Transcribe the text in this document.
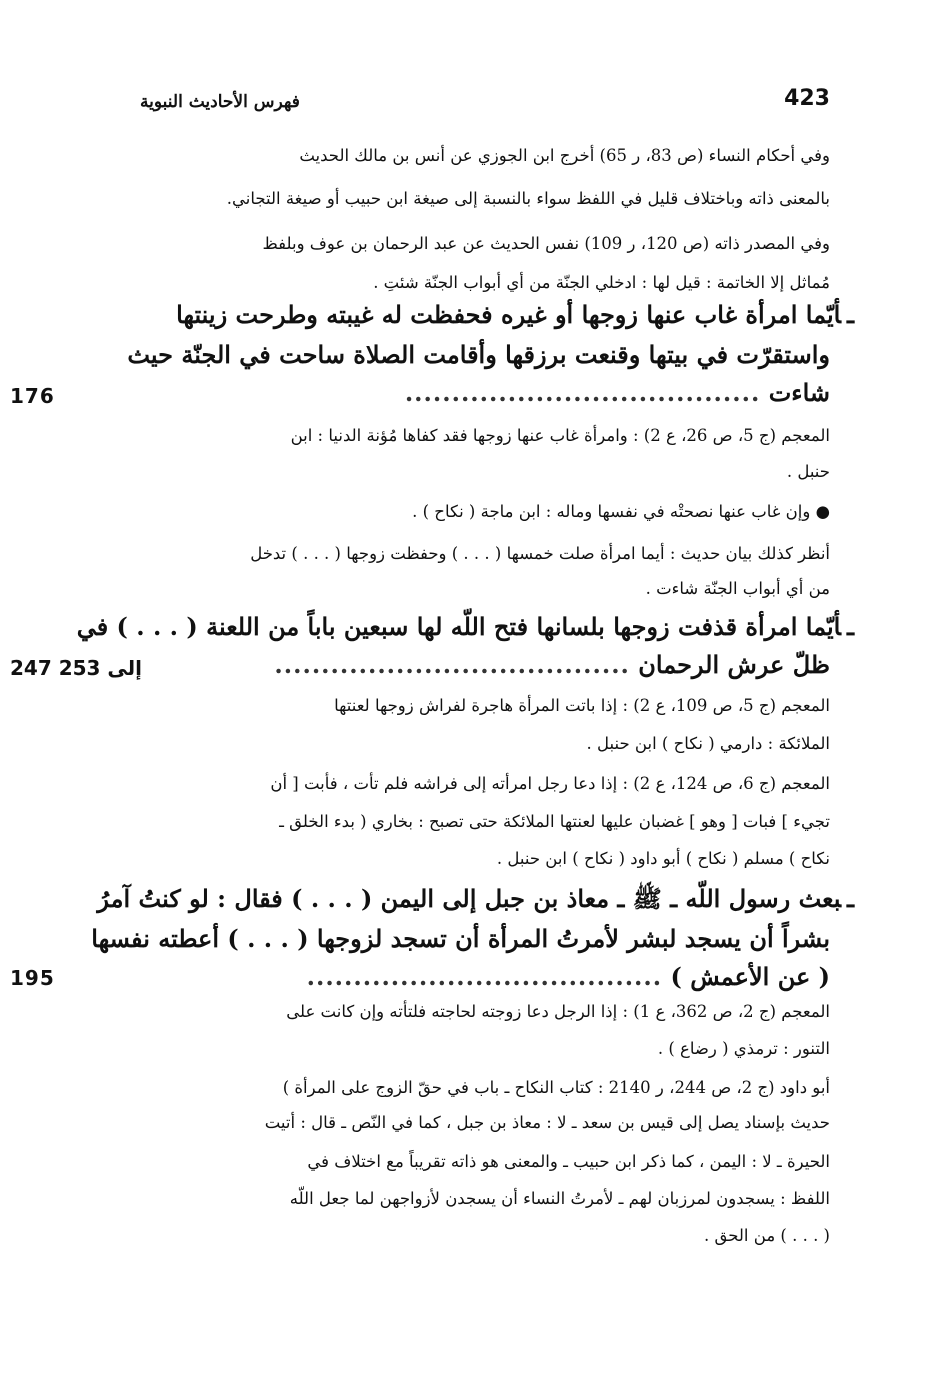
423
فهرس الأحاديث النبوية
وفي أحكام النساء (ص 83، ر 65) أخرج ابن الجوزي عن أنس بن مالك الحديث
بالمعنى ذاته وباختلاف قليل في اللفظ سواء بالنسبة إلى صيغة ابن حبيب أو صيغة التجاني.
وفي المصدر ذاته (ص 120، ر 109) نفس الحديث عن عبد الرحمان بن عوف وبلفظ
مُماثل إلا الخاتمة : قيل لها : ادخلي الجنّة من أي أبواب الجنّة شئتِ .
ـأيّما امرأة غاب عنها زوجها أو غيره فحفظت له غيبته وطرحت زينتها
واستقرّت في بيتها وقنعت برزقها وأقامت الصلاة ساحت في الجنّة حيث
شاءت ......................................
176
المعجم (ج 5، ص 26، ع 2) : وامرأة غاب عنها زوجها فقد كفاها مُؤنة الدنيا : ابن
حنبل .
● وإن غاب عنها نصحتْه في نفسها وماله : ابن ماجة ( نكاح ) .
أنظر كذلك بيان حديث : أيما امرأة صلت خمسها ( . . . ) وحفظت زوجها ( . . . ) تدخل
من أي أبواب الجنّة شاءت .
ـأيّما امرأة قذفت زوجها بلسانها فتح اللّه لها سبعين باباً من اللعنة ( . . . ) في
ظلّ عرش الرحمان ......................................
247 إلى 253
المعجم (ج 5، ص 109، ع 2) : إذا باتت المرأة هاجرة لفراش زوجها لعنتها
الملائكة : دارمي ( نكاح ) ابن حنبل .
المعجم (ج 6، ص 124، ع 2) : إذا دعا رجل امرأته إلى فراشه فلم تأت ، فأبت [ أن
تجيء ] فبات [ وهو ] غضبان عليها لعنتها الملائكة حتى تصبح : بخاري ( بدء الخلق ـ
نكاح ) مسلم ( نكاح ) أبو داود ( نكاح ) ابن حنبل .
ـبعث رسول اللّه ـ ﷺ ـ معاذ بن جبل إلى اليمن ( . . . ) فقال : لو كنتُ آمرُ
بشراً أن يسجد لبشر لأمرتُ المرأة أن تسجد لزوجها ( . . . ) أعطته نفسها
( عن الأعمش ) ......................................
195
المعجم (ج 2، ص 362، ع 1) : إذا الرجل دعا زوجته لحاجته فلتأته وإن كانت على
التنور : ترمذي ( رضاع ) .
أبو داود (ج 2، ص 244، ر 2140 : كتاب النكاح ـ باب في حقّ الزوج على المرأة )
حديث بإسناد يصل إلى قيس بن سعد ـ لا : معاذ بن جبل ، كما في النّص ـ قال : أتيت
الحيرة ـ لا : اليمن ، كما ذكر ابن حبيب ـ والمعنى هو ذاته تقريباً مع اختلاف في
اللفظ : يسجدون لمرزبان لهم ـ لأمرتُ النساء أن يسجدن لأزواجهن لما جعل اللّه
( . . . ) من الحق .
